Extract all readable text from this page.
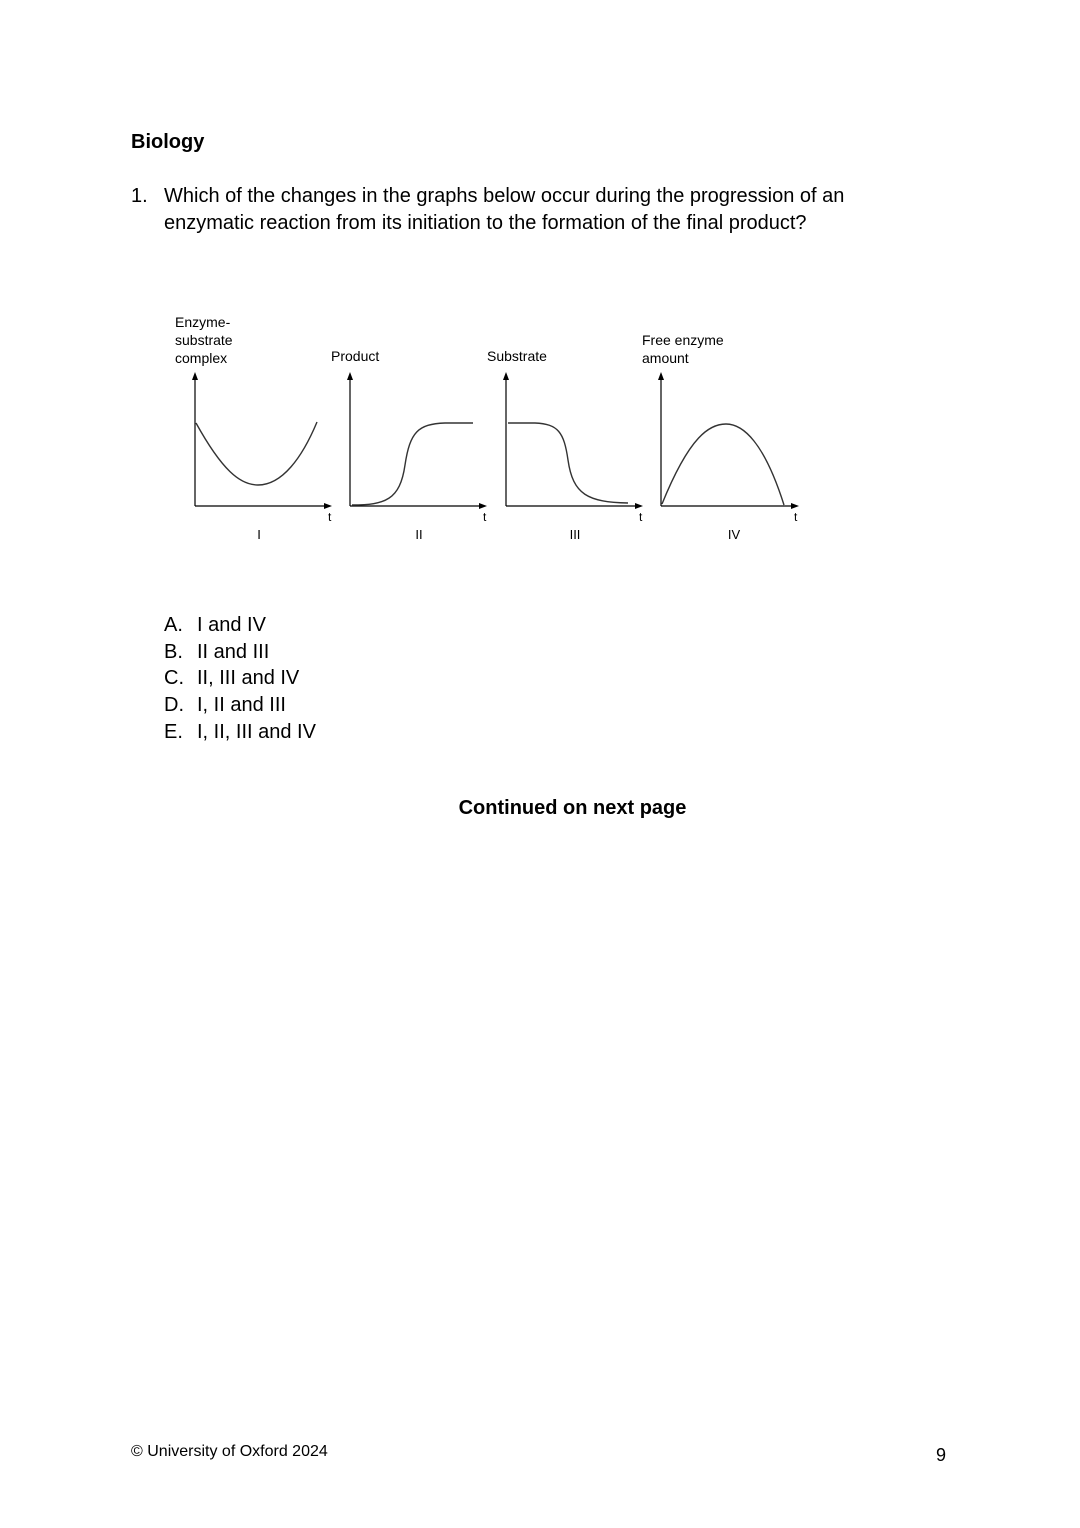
Biology
1. Which of the changes in the graphs below occur during the progression of an enzymatic reaction from its initiation to the formation of the final product?
Enzyme-
substrate
complex
t
I
Product
t
II
Substrate
t
III
Free enzyme
amount
t
IV
A. I and IV
B. II and III
C. II, III and IV
D. I, II and III
E. I, II, III and IV
Continued on next page
© University of Oxford 2024	9
